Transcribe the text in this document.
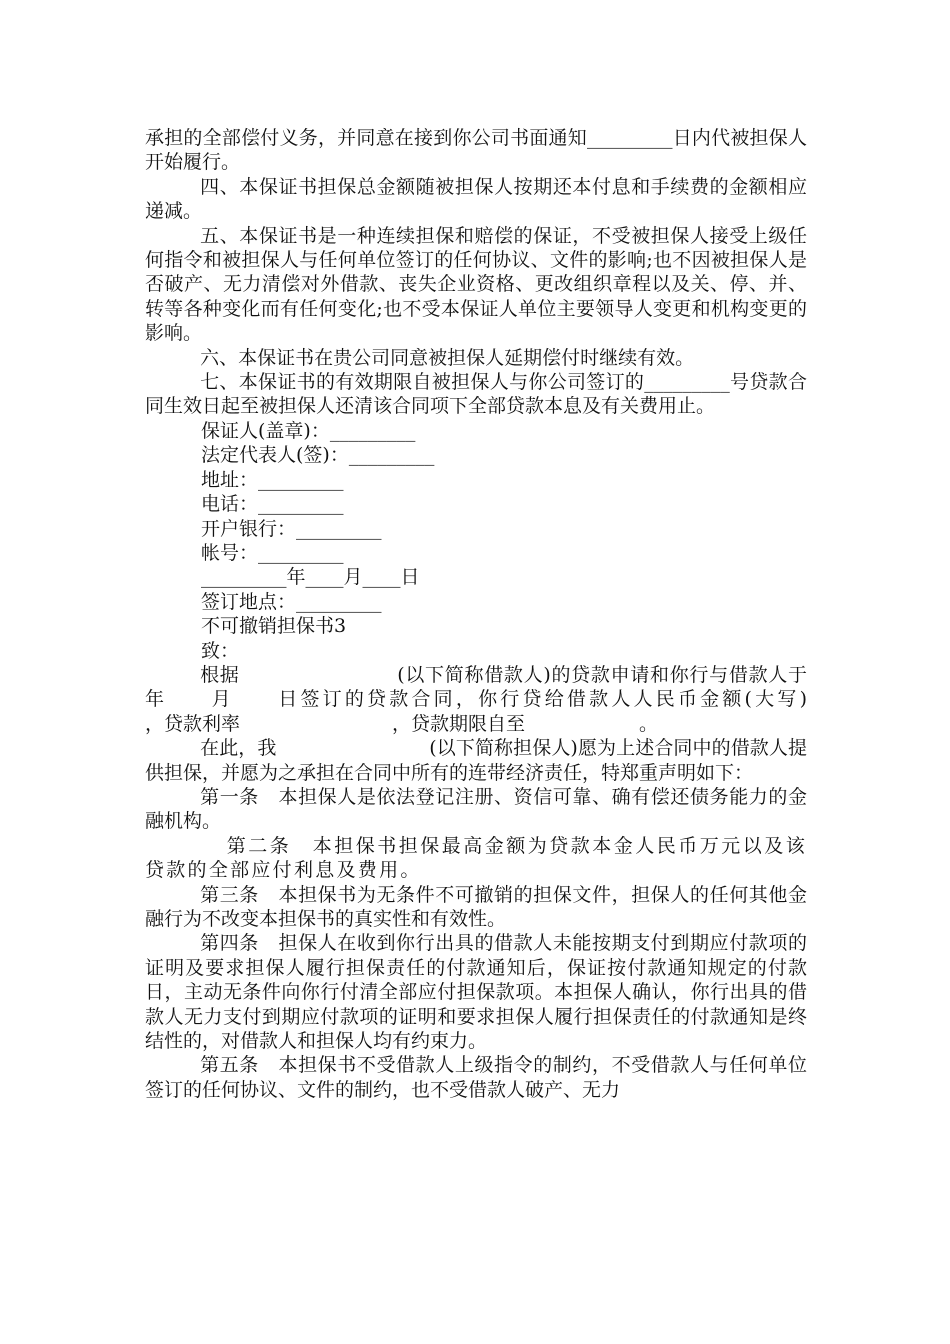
承担的全部偿付义务，并同意在接到你公司书面通知_________日内代被担保人开始履行。

四、本保证书担保总金额随被担保人按期还本付息和手续费的金额相应递减。

五、本保证书是一种连续担保和赔偿的保证，不受被担保人接受上级任何指令和被担保人与任何单位签订的任何协议、文件的影响;也不因被担保人是否破产、无力清偿对外借款、丧失企业资格、更改组织章程以及关、停、并、转等各种变化而有任何变化;也不受本保证人单位主要领导人变更和机构变更的影响。

六、本保证书在贵公司同意被担保人延期偿付时继续有效。

七、本保证书的有效期限自被担保人与你公司签订的_________号贷款合同生效日起至被担保人还清该合同项下全部贷款本息及有关费用止。

保证人(盖章)：_________

法定代表人(签)：_________

地址：_________

电话：_________

开户银行：_________

帐号：_________

_________年____月____日

签订地点：_________

不可撤销担保书3

致：

根据　　　　　　　　(以下简称借款人)的贷款申请和你行与借款人于　　年　　月　　日签订的贷款合同，你行贷给借款人人民币金额(大写)　　　　　　　，贷款利率　　　　　　　　，贷款期限自至　　　　　　。

在此，我　　　　　　　　(以下简称担保人)愿为上述合同中的借款人提供担保，并愿为之承担在合同中所有的连带经济责任，特郑重声明如下：

第一条　本担保人是依法登记注册、资信可靠、确有偿还债务能力的金融机构。

第二条　本担保书担保最高金额为贷款本金人民币万元以及该贷款的全部应付利息及费用。

第三条　本担保书为无条件不可撤销的担保文件，担保人的任何其他金融行为不改变本担保书的真实性和有效性。

第四条　担保人在收到你行出具的借款人未能按期支付到期应付款项的证明及要求担保人履行担保责任的付款通知后，保证按付款通知规定的付款日，主动无条件向你行付清全部应付担保款项。本担保人确认，你行出具的借款人无力支付到期应付款项的证明和要求担保人履行担保责任的付款通知是终结性的，对借款人和担保人均有约束力。

第五条　本担保书不受借款人上级指令的制约，不受借款人与任何单位签订的任何协议、文件的制约，也不受借款人破产、无力
